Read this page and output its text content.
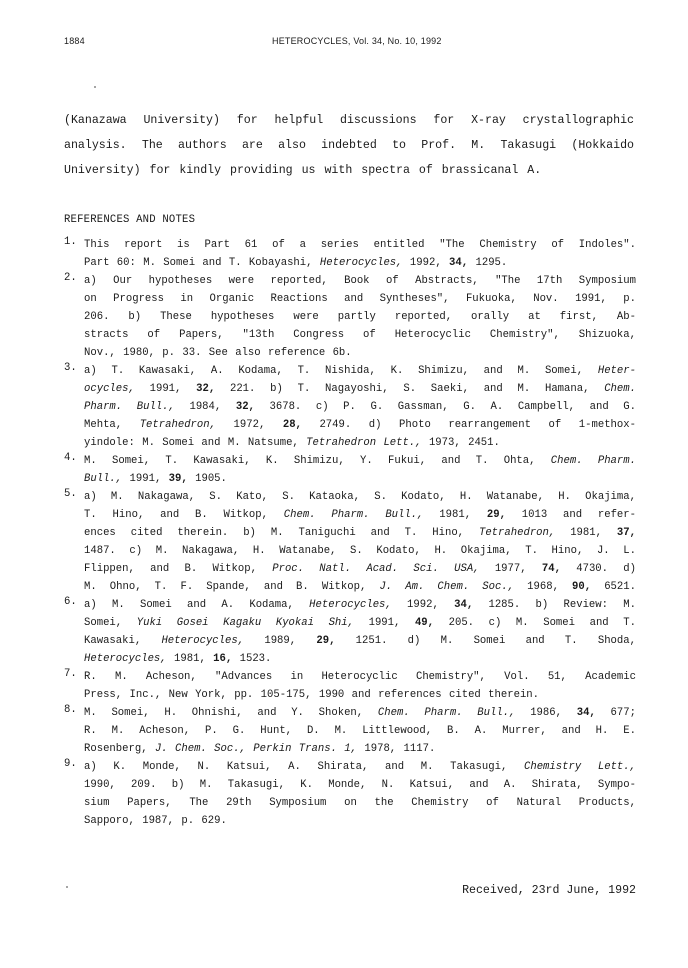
1884	HETEROCYCLES, Vol. 34, No. 10, 1992
(Kanazawa University) for helpful discussions for X-ray crystallographic
analysis. The authors are also indebted to Prof. M. Takasugi (Hokkaido
University) for kindly providing us with spectra of brassicanal A.
REFERENCES AND NOTES
1. This report is Part 61 of a series entitled "The Chemistry of Indoles".
Part 60: M. Somei and T. Kobayashi, Heterocycles, 1992, 34, 1295.
2. a) Our hypotheses were reported, Book of Abstracts, "The 17th Symposium
on Progress in Organic Reactions and Syntheses", Fukuoka, Nov. 1991, p.
206. b) These hypotheses were partly reported, orally at first, Ab-
stracts of Papers, "13th Congress of Heterocyclic Chemistry", Shizuoka,
Nov., 1980, p. 33. See also reference 6b.
3. a) T. Kawasaki, A. Kodama, T. Nishida, K. Shimizu, and M. Somei, Heter-
ocycles, 1991, 32, 221. b) T. Nagayoshi, S. Saeki, and M. Hamana, Chem.
Pharm. Bull., 1984, 32, 3678. c) P. G. Gassman, G. A. Campbell, and G.
Mehta, Tetrahedron, 1972, 28, 2749. d) Photo rearrangement of 1-methox-
yindole: M. Somei and M. Natsume, Tetrahedron Lett., 1973, 2451.
4. M. Somei, T. Kawasaki, K. Shimizu, Y. Fukui, and T. Ohta, Chem. Pharm.
Bull., 1991, 39, 1905.
5. a) M. Nakagawa, S. Kato, S. Kataoka, S. Kodato, H. Watanabe, H. Okajima,
T. Hino, and B. Witkop, Chem. Pharm. Bull., 1981, 29, 1013 and refer-
ences cited therein. b) M. Taniguchi and T. Hino, Tetrahedron, 1981, 37,
1487. c) M. Nakagawa, H. Watanabe, S. Kodato, H. Okajima, T. Hino, J. L.
Flippen, and B. Witkop, Proc. Natl. Acad. Sci. USA, 1977, 74, 4730. d)
M. Ohno, T. F. Spande, and B. Witkop, J. Am. Chem. Soc., 1968, 90, 6521.
6. a) M. Somei and A. Kodama, Heterocycles, 1992, 34, 1285. b) Review: M.
Somei, Yuki Gosei Kagaku Kyokai Shi, 1991, 49, 205. c) M. Somei and T.
Kawasaki, Heterocycles, 1989, 29, 1251. d) M. Somei and T. Shoda,
Heterocycles, 1981, 16, 1523.
7. R. M. Acheson, "Advances in Heterocyclic Chemistry", Vol. 51, Academic
Press, Inc., New York, pp. 105-175, 1990 and references cited therein.
8. M. Somei, H. Ohnishi, and Y. Shoken, Chem. Pharm. Bull., 1986, 34, 677;
R. M. Acheson, P. G. Hunt, D. M. Littlewood, B. A. Murrer, and H. E.
Rosenberg, J. Chem. Soc., Perkin Trans. 1, 1978, 1117.
9. a) K. Monde, N. Katsui, A. Shirata, and M. Takasugi, Chemistry Lett.,
1990, 209. b) M. Takasugi, K. Monde, N. Katsui, and A. Shirata, Sympo-
sium Papers, The 29th Symposium on the Chemistry of Natural Products,
Sapporo, 1987, p. 629.
Received, 23rd June, 1992
